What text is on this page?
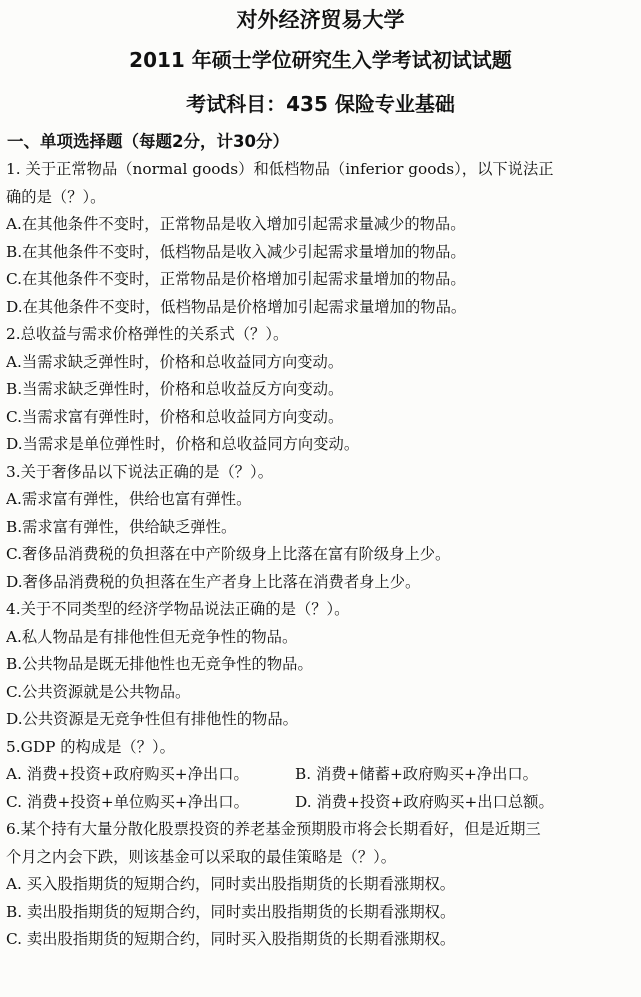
对外经济贸易大学
2011 年硕士学位研究生入学考试初试试题
考试科目：435 保险专业基础
一、单项选择题（每题2分，计30分）
1. 关于正常物品（normal goods）和低档物品（inferior goods），以下说法正
确的是（？）。
A.在其他条件不变时，正常物品是收入增加引起需求量减少的物品。
B.在其他条件不变时，低档物品是收入减少引起需求量增加的物品。
C.在其他条件不变时，正常物品是价格增加引起需求量增加的物品。
D.在其他条件不变时，低档物品是价格增加引起需求量增加的物品。
2.总收益与需求价格弹性的关系式（？）。
A.当需求缺乏弹性时，价格和总收益同方向变动。
B.当需求缺乏弹性时，价格和总收益反方向变动。
C.当需求富有弹性时，价格和总收益同方向变动。
D.当需求是单位弹性时，价格和总收益同方向变动。
3.关于奢侈品以下说法正确的是（？）。
A.需求富有弹性，供给也富有弹性。
B.需求富有弹性，供给缺乏弹性。
C.奢侈品消费税的负担落在中产阶级身上比落在富有阶级身上少。
D.奢侈品消费税的负担落在生产者身上比落在消费者身上少。
4.关于不同类型的经济学物品说法正确的是（？）。
A.私人物品是有排他性但无竞争性的物品。
B.公共物品是既无排他性也无竞争性的物品。
C.公共资源就是公共物品。
D.公共资源是无竞争性但有排他性的物品。
5.GDP 的构成是（？）。
A. 消费+投资+政府购买+净出口。	B. 消费+储蓄+政府购买+净出口。
C. 消费+投资+单位购买+净出口。	D. 消费+投资+政府购买+出口总额。
6.某个持有大量分散化股票投资的养老基金预期股市将会长期看好，但是近期三
个月之内会下跌，则该基金可以采取的最佳策略是（？）。
A. 买入股指期货的短期合约，同时卖出股指期货的长期看涨期权。
B. 卖出股指期货的短期合约，同时卖出股指期货的长期看涨期权。
C. 卖出股指期货的短期合约，同时买入股指期货的长期看涨期权。
